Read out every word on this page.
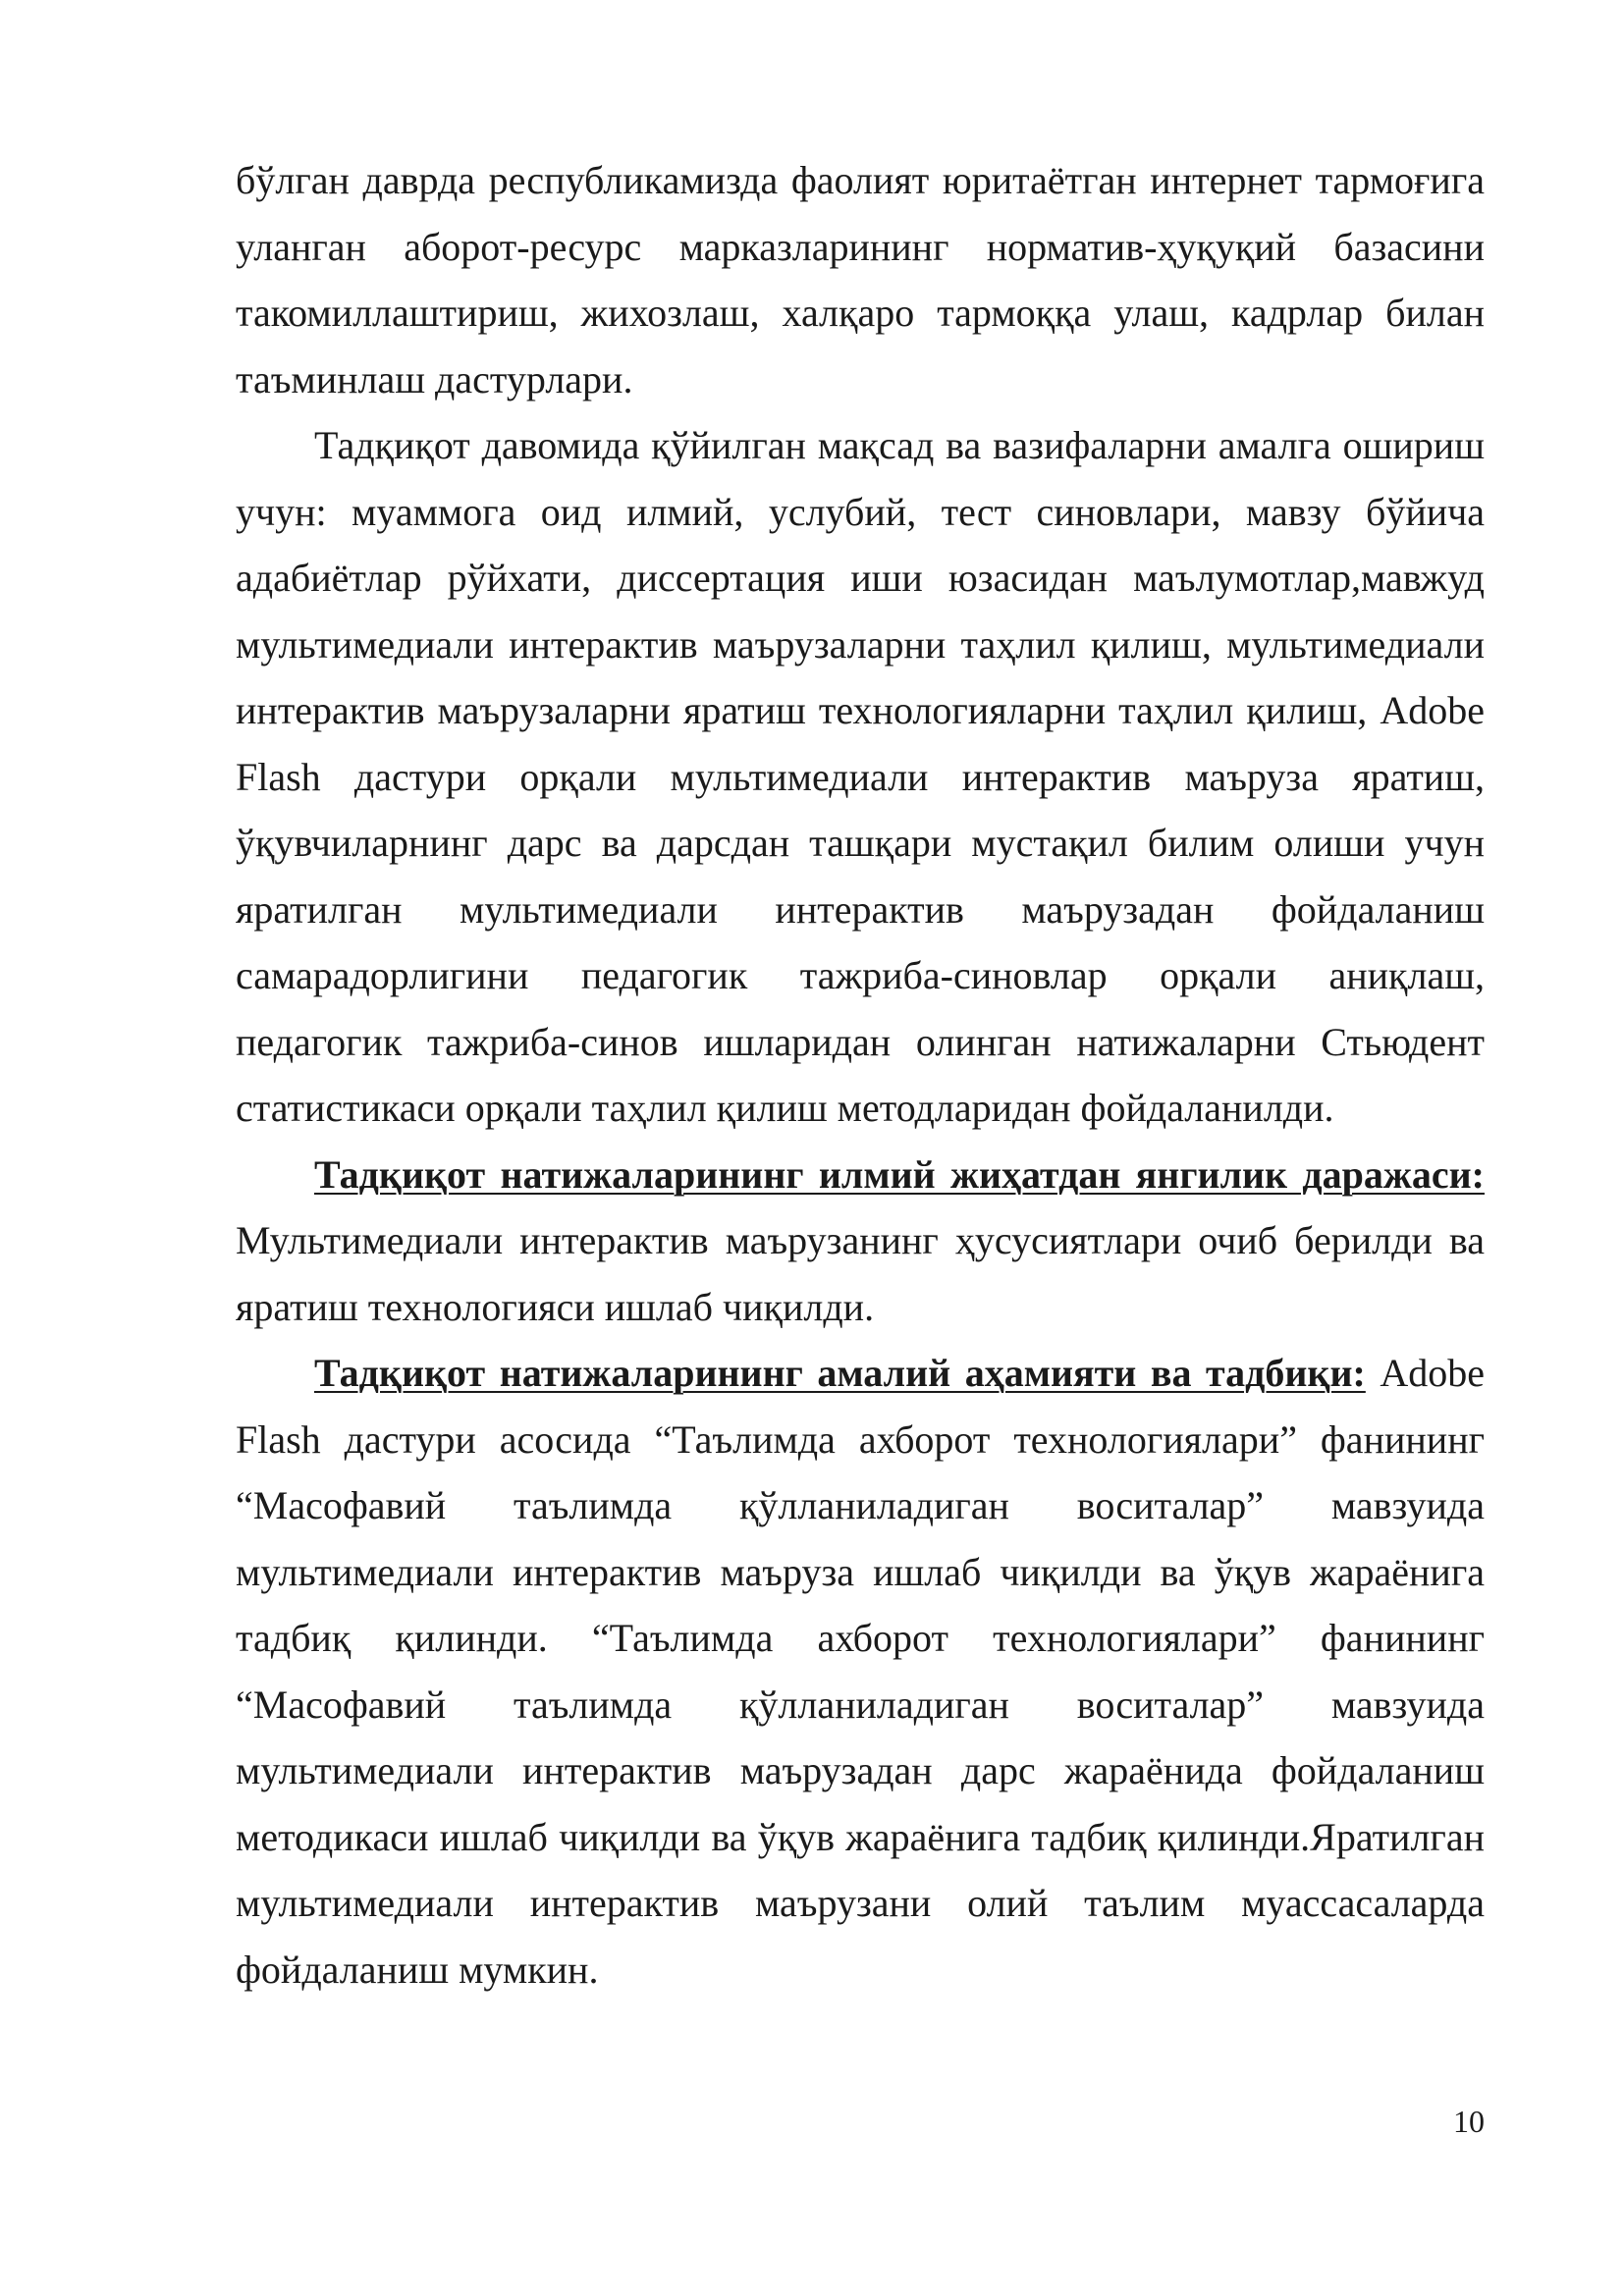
бўлган даврда республикамизда фаолият юритаётган интернет тармоғига уланган аборот-ресурс марказларининг норматив-ҳуқуқий базасини такомиллаштириш, жихозлаш, халқаро тармоққа улаш, кадрлар билан таъминлаш дастурлари.

Тадқиқот давомида қўйилган мақсад ва вазифаларни амалга ошириш учун: муаммога оид илмий, услубий, тест синовлари, мавзу бўйича адабиётлар рўйхати, диссертация иши юзасидан маълумотлар,мавжуд мультимедиали интерактив маърузаларни таҳлил қилиш, мультимедиали интерактив маърузаларни яратиш технологияларни таҳлил қилиш, Adobe Flash дастури орқали мультимедиали интерактив маъруза яратиш, ўқувчиларнинг дарс ва дарсдан ташқари мустақил билим олиши учун яратилган мультимедиали интерактив маърузадан фойдаланиш самарадорлигини педагогик тажриба-синовлар орқали аниқлаш, педагогик тажриба-синов ишларидан олинган натижаларни Стьюдент статистикаси орқали таҳлил қилиш методларидан фойдаланилди.

Тадқиқот натижаларининг илмий жиҳатдан янгилик даражаси: Мультимедиали интерактив маърузанинг ҳусусиятлари очиб берилди ва яратиш технологияси ишлаб чиқилди.

Тадқиқот натижаларининг амалий аҳамияти ва тадбиқи: Adobe Flash дастури асосида “Таълимда ахборот технологиялари” фанининг “Масофавий таълимда қўлланиладиган воситалар” мавзуида мультимедиали интерактив маъруза ишлаб чиқилди ва ўқув жараёнига тадбиқ қилинди. “Таълимда ахборот технологиялари” фанининг “Масофавий таълимда қўлланиладиган воситалар” мавзуида мультимедиали интерактив маърузадан дарс жараёнида фойдаланиш методикаси ишлаб чиқилди ва ўқув жараёнига тадбиқ қилинди.Яратилган мультимедиали интерактив маърузани олий таълим муассасаларда фойдаланиш мумкин.

10
